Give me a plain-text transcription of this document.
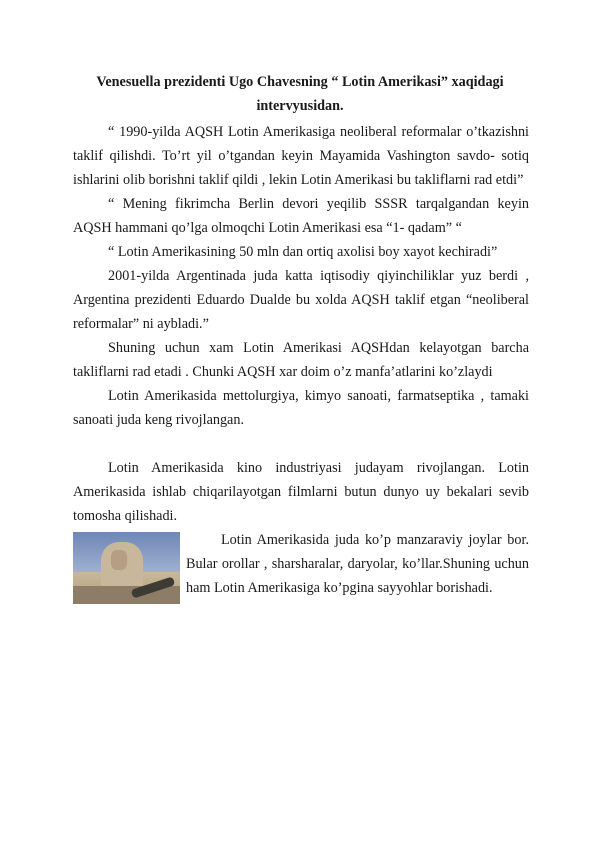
Venesuella prezidenti Ugo Chavesning “ Lotin Amerikasi” xaqidagi intervyusidan.

“ 1990-yilda AQSH Lotin Amerikasiga neoliberal reformalar o’tkazishni taklif qilishdi. To’rt yil o’tgandan keyin Mayamida Vashington savdo- sotiq ishlarini olib borishni taklif qildi , lekin Lotin Amerikasi bu takliflarni rad etdi”

“ Mening fikrimcha Berlin devori yeqilib SSSR tarqalgandan keyin AQSH hammani qo’lga olmoqchi Lotin Amerikasi esa “1- qadam” “

“ Lotin Amerikasining 50 mln dan ortiq axolisi boy xayot kechiradi”

2001-yilda Argentinada juda katta iqtisodiy qiyinchiliklar yuz berdi , Argentina prezidenti Eduardo Dualde bu xolda AQSH taklif etgan “neoliberal reformalar” ni aybladi.”

Shuning uchun xam Lotin Amerikasi AQSHdan kelayotgan barcha takliflarni rad etadi . Chunki AQSH xar doim o’z manfa’atlarini ko’zlaydi

Lotin Amerikasida mettolurgiya, kimyo sanoati, farmatseptika , tamaki sanoati juda keng rivojlangan.

Lotin Amerikasida kino industriyasi judayam rivojlangan. Lotin Amerikasida ishlab chiqarilayotgan filmlarni butun dunyo uy bekalari sevib tomosha qilishadi.

Lotin Amerikasida juda ko’p manzaraviy joylar bor. Bular orollar , sharsharalar, daryolar, ko’llar.Shuning uchun ham Lotin Amerikasiga ko’pgina sayyohlar borishadi.
